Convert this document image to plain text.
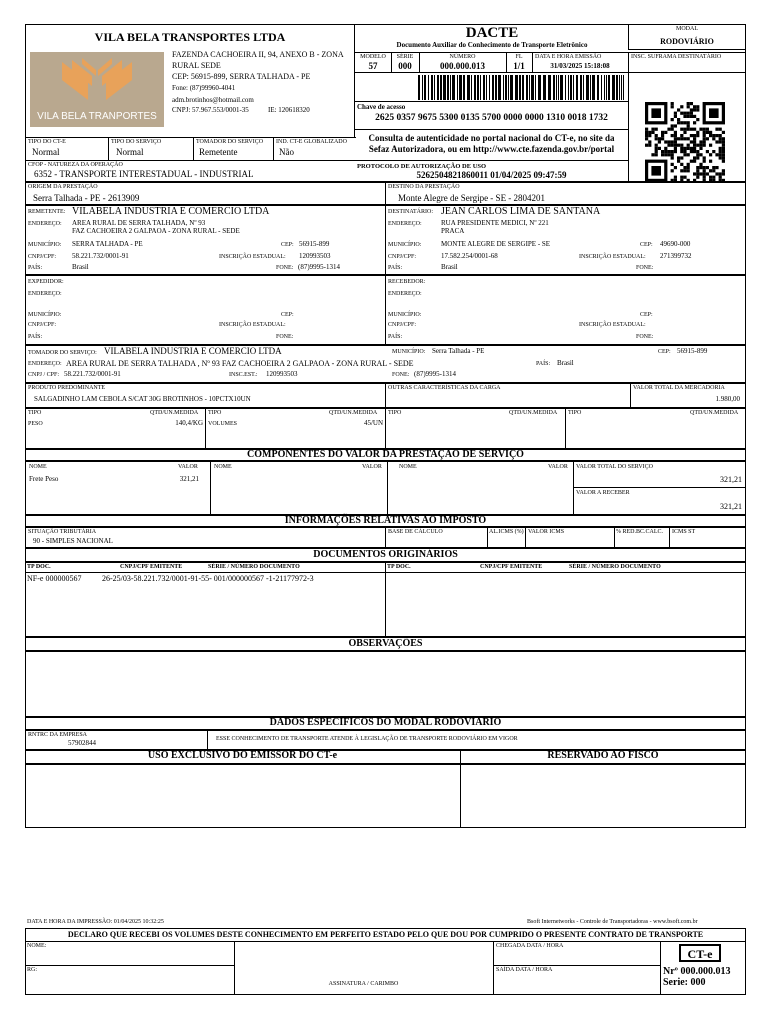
VILA BELA TRANSPORTES LTDA
VILA BELA TRANPORTES
FAZENDA CACHOEIRA II, 94, ANEXO B - ZONA
RURAL SEDE
CEP: 56915-899, SERRA TALHADA - PE
Fone: (87)99960-4041
adm.brotinhos@hotmail.com
CNPJ: 57.967.553/0001-35	IE: 120618320
DACTE
Documento Auxiliar do Conhecimento de Transporte Eletrônico
MODAL
RODOVIÁRIO
MODELO
57
SÉRIE
000
NÚMERO
000.000.013
FL
1/1
DATA E HORA EMISSÃO
31/03/2025 15:18:08
INSC. SUFRAMA DESTINATÁRIO
Chave de acesso
2625 0357 9675 5300 0135 5700 0000 0000 1310 0018 1732
Consulta de autenticidade no portal nacional do CT-e, no site da
Sefaz Autorizadora, ou em http://www.cte.fazenda.gov.br/portal
TIPO DO CT-E
Normal
TIPO DO SERVIÇO
Normal
TOMADOR DO SERVIÇO
Remetente
IND. CT-E GLOBALIZADO
Não
CFOP - NATUREZA DA OPERAÇÃO
6352 - TRANSPORTE INTERESTADUAL - INDUSTRIAL
PROTOCOLO DE AUTORIZAÇÃO DE USO
5262504821860011 01/04/2025 09:47:59
ORIGEM DA PRESTAÇÃO
Serra Talhada - PE - 2613909
DESTINO DA PRESTAÇÃO
Monte Alegre de Sergipe - SE - 2804201
REMETENTE: VILABELA INDUSTRIA E COMERCIO LTDA
ENDEREÇO: AREA RURAL DE SERRA TALHADA, Nº 93
FAZ CACHOEIRA 2 GALPAOA - ZONA RURAL - SEDE
MUNICÍPIO: SERRA TALHADA - PE	CEP: 56915-899
CNPJ/CPF: 58.221.732/0001-91	INSCRIÇÃO ESTADUAL: 120993503
PAÍS:	Brasil	FONE: (87)9995-1314
DESTINATÁRIO: JEAN CARLOS LIMA DE SANTANA
ENDEREÇO:	RUA PRESIDENTE MEDICI, Nº 221
PRACA
MUNICÍPIO:	MONTE ALEGRE DE SERGIPE - SE	CEP: 49690-000
CNPJ/CPF:	17.582.254/0001-68	INSCRIÇÃO ESTADUAL: 271399732
PAÍS:	Brasil	FONE:
EXPEDIDOR:
ENDEREÇO:
MUNICÍPIO:	CEP:
CNPJ/CPF:	INSCRIÇÃO ESTADUAL:
PAÍS:	FONE:
RECEBEDOR:
ENDEREÇO:
MUNICÍPIO:	CEP:
CNPJ/CPF:	INSCRIÇÃO ESTADUAL:
PAÍS:	FONE:
TOMADOR DO SERVIÇO: VILABELA INDUSTRIA E COMERCIO LTDA	MUNICÍPIO: Serra Talhada - PE	CEP: 56915-899
ENDEREÇO: AREA RURAL DE SERRA TALHADA , Nº 93 FAZ CACHOEIRA 2 GALPAOA - ZONA RURAL - SEDE	PAÍS: Brasil
CNPJ / CPF: 58.221.732/0001-91	INSC.EST.: 120993503	FONE: (87)9995-1314
PRODUTO PREDOMINANTE
SALGADINHO LAM CEBOLA S/CAT 30G BROTINHOS - 10PCTX10UN
OUTRAS CARACTERÍSTICAS DA CARGA	VALOR TOTAL DA MERCADORIA
1.980,00
TIPO	QTD/UN.MEDIDA TIPO	QTD/UN.MEDIDA TIPO	QTD/UN.MEDIDA TIPO	QTD/UN.MEDIDA
PESO	140,4/KG VOLUMES	45/UN
COMPONENTES DO VALOR DA PRESTAÇÃO DE SERVIÇO
NOME	VALOR	NOME	VALOR	NOME	VALOR
Frete Peso	321,21
VALOR TOTAL DO SERVIÇO
321,21
VALOR A RECEBER
321,21
INFORMAÇÕES RELATIVAS AO IMPOSTO
SITUAÇÃO TRIBUTÁRIA
90 - SIMPLES NACIONAL
BASE DE CÁLCULO	AL.ICMS (%) VALOR ICMS	% RED.BC.CALC. ICMS ST
DOCUMENTOS ORIGINÁRIOS
TP DOC.	CNPJ/CPF EMITENTE	SÉRIE / NÚMERO DOCUMENTO	TP DOC.	CNPJ/CPF EMITENTE	SÉRIE / NÚMERO DOCUMENTO
NF-e 000000567	26-25/03-58.221.732/0001-91-55- 001/000000567 -1-21177972-3
OBSERVAÇÕES
DADOS ESPECÍFICOS DO MODAL RODOVIÁRIO
RNTRC DA EMPRESA
57902844	ESSE CONHECIMENTO DE TRANSPORTE ATENDE À LEGISLAÇÃO DE TRANSPORTE RODOVIÁRIO EM VIGOR
USO EXCLUSIVO DO EMISSOR DO CT-e	RESERVADO AO FISCO
DATA E HORA DA IMPRESSÃO: 01/04/2025 10:32:25	Bsoft Internetworks - Controle de Transportadoras - www.bsoft.com.br
DECLARO QUE RECEBI OS VOLUMES DESTE CONHECIMENTO EM PERFEITO ESTADO PELO QUE DOU POR CUMPRIDO O PRESENTE CONTRATO DE TRANSPORTE
NOME:
RG:
ASSINATURA / CARIMBO
CHEGADA DATA / HORA
SAÍDA DATA / HORA
CT-e
Nrº 000.000.013
Serie: 000
